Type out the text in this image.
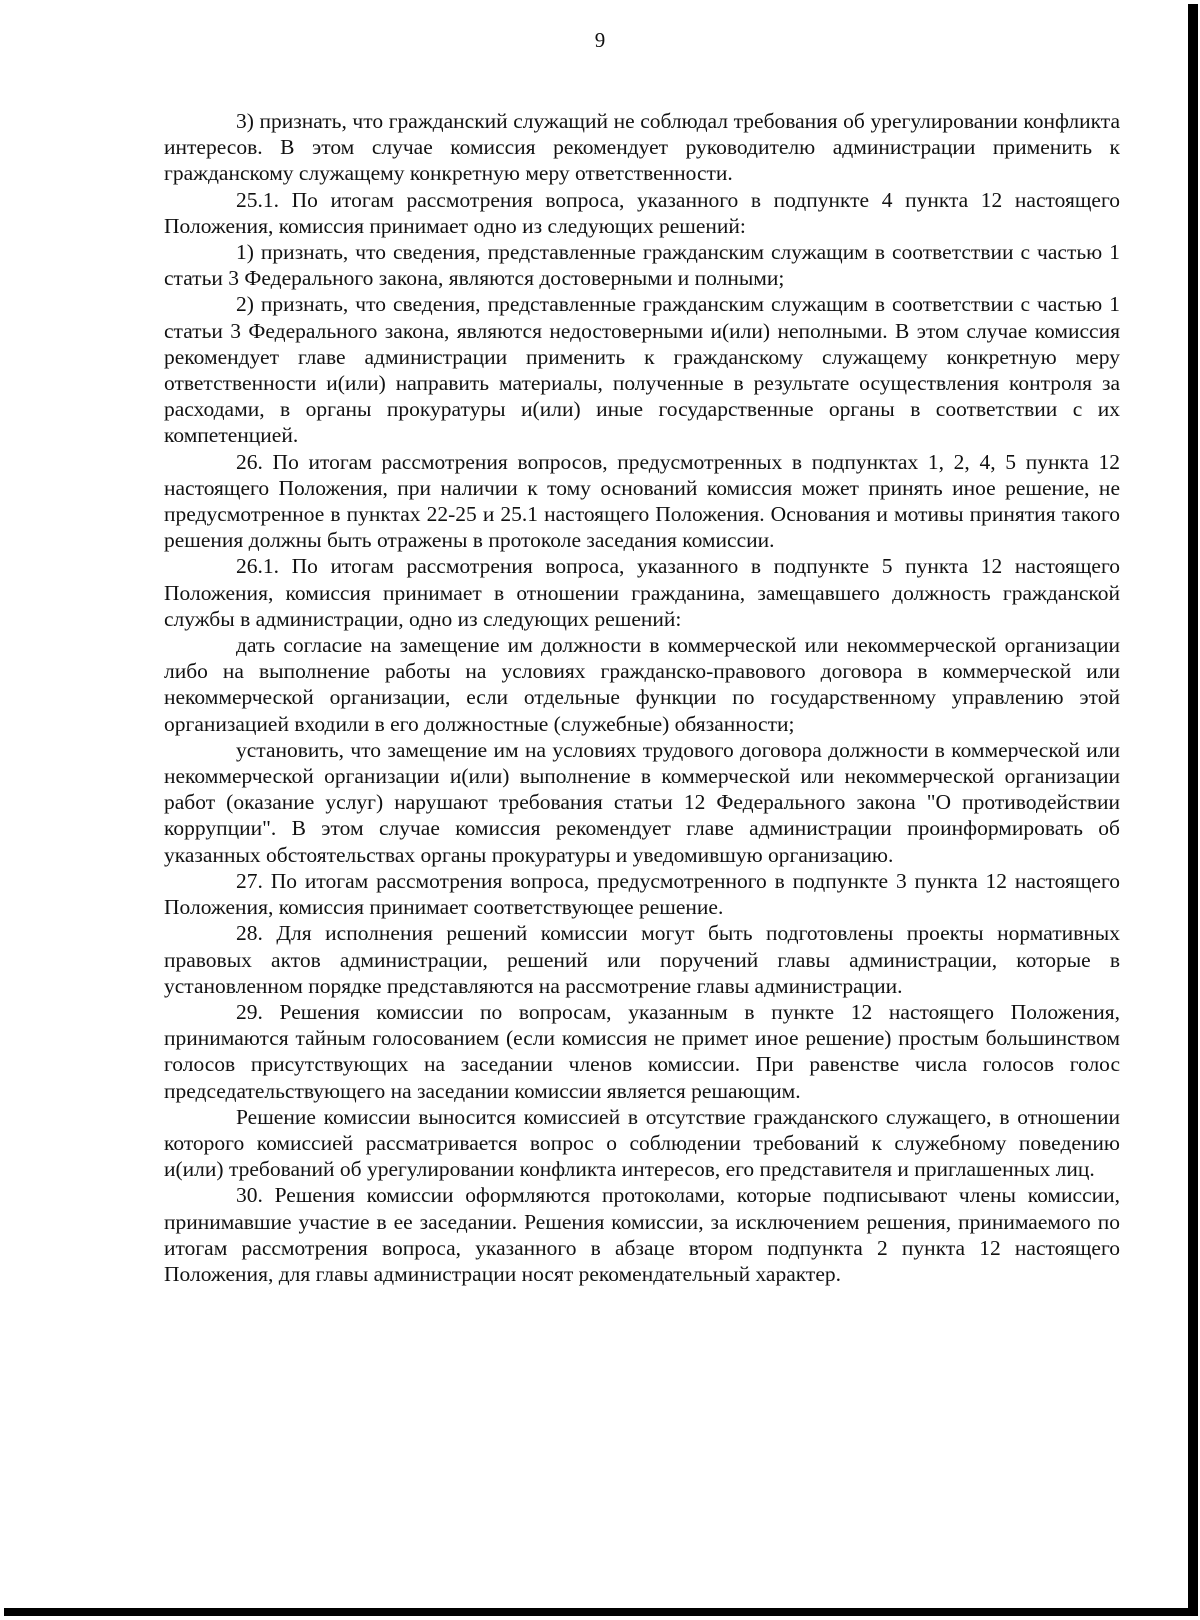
9

3) признать, что гражданский служащий не соблюдал требования об урегулировании конфликта интересов. В этом случае комиссия рекомендует руководителю администрации применить к гражданскому служащему конкретную меру ответственности.

25.1. По итогам рассмотрения вопроса, указанного в подпункте 4 пункта 12 настоящего Положения, комиссия принимает одно из следующих решений:

1) признать, что сведения, представленные гражданским служащим в соответствии с частью 1 статьи 3 Федерального закона, являются достоверными и полными;

2) признать, что сведения, представленные гражданским служащим в соответствии с частью 1 статьи 3 Федерального закона, являются недостоверными и(или) неполными. В этом случае комиссия рекомендует главе администрации применить к гражданскому служащему конкретную меру ответственности и(или) направить материалы, полученные в результате осуществления контроля за расходами, в органы прокуратуры и(или) иные государственные органы в соответствии с их компетенцией.

26. По итогам рассмотрения вопросов, предусмотренных в подпунктах 1, 2, 4, 5 пункта 12 настоящего Положения, при наличии к тому оснований комиссия может принять иное решение, не предусмотренное в пунктах 22-25 и 25.1 настоящего Положения. Основания и мотивы принятия такого решения должны быть отражены в протоколе заседания комиссии.

26.1. По итогам рассмотрения вопроса, указанного в подпункте 5 пункта 12 настоящего Положения, комиссия принимает в отношении гражданина, замещавшего должность гражданской службы в администрации, одно из следующих решений:

дать согласие на замещение им должности в коммерческой или некоммерческой организации либо на выполнение работы на условиях гражданско-правового договора в коммерческой или некоммерческой организации, если отдельные функции по государственному управлению этой организацией входили в его должностные (служебные) обязанности;

установить, что замещение им на условиях трудового договора должности в коммерческой или некоммерческой организации и(или) выполнение в коммерческой или некоммерческой организации работ (оказание услуг) нарушают требования статьи 12 Федерального закона "О противодействии коррупции". В этом случае комиссия рекомендует главе администрации проинформировать об указанных обстоятельствах органы прокуратуры и уведомившую организацию.

27. По итогам рассмотрения вопроса, предусмотренного в подпункте 3 пункта 12 настоящего Положения, комиссия принимает соответствующее решение.

28. Для исполнения решений комиссии могут быть подготовлены проекты нормативных правовых актов администрации, решений или поручений главы администрации, которые в установленном порядке представляются на рассмотрение главы администрации.

29. Решения комиссии по вопросам, указанным в пункте 12 настоящего Положения, принимаются тайным голосованием (если комиссия не примет иное решение) простым большинством голосов присутствующих на заседании членов комиссии. При равенстве числа голосов голос председательствующего на заседании комиссии является решающим.

Решение комиссии выносится комиссией в отсутствие гражданского служащего, в отношении которого комиссией рассматривается вопрос о соблюдении требований к служебному поведению и(или) требований об урегулировании конфликта интересов, его представителя и приглашенных лиц.

30. Решения комиссии оформляются протоколами, которые подписывают члены комиссии, принимавшие участие в ее заседании. Решения комиссии, за исключением решения, принимаемого по итогам рассмотрения вопроса, указанного в абзаце втором подпункта 2 пункта 12 настоящего Положения, для главы администрации носят рекомендательный характер.
